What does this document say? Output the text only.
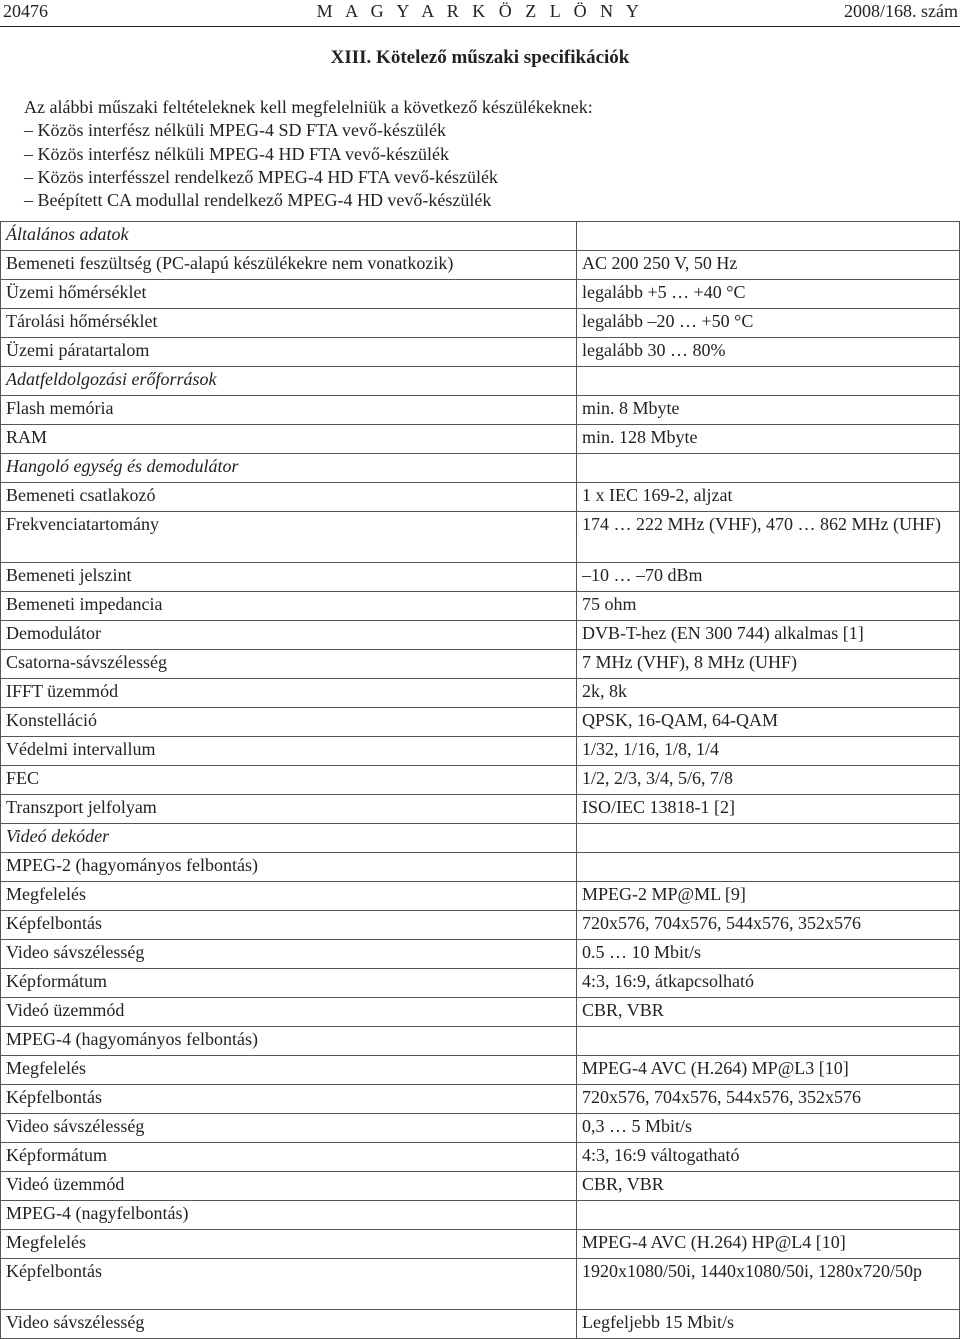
20476	M A G Y A R K Ö Z L Ö N Y	2008/168. szám
XIII. Kötelező műszaki specifikációk
Az alábbi műszaki feltételeknek kell megfelelniük a következő készülékeknek:
– Közös interfész nélküli MPEG-4 SD FTA vevő-készülék
– Közös interfész nélküli MPEG-4 HD FTA vevő-készülék
– Közös interfésszel rendelkező MPEG-4 HD FTA vevő-készülék
– Beépített CA modullal rendelkező MPEG-4 HD vevő-készülék
Általános adatok	
Bemeneti feszültség (PC-alapú készülékekre nem vonatkozik)	AC 200 250 V, 50 Hz
Üzemi hőmérséklet	legalább +5 … +40 °C
Tárolási hőmérséklet	legalább –20 … +50 °C
Üzemi páratartalom	legalább 30 … 80%
Adatfeldolgozási erőforrások	
Flash memória	min. 8 Mbyte
RAM	min. 128 Mbyte
Hangoló egység és demodulátor	
Bemeneti csatlakozó	1 x IEC 169-2, aljzat
Frekvenciatartomány	174 … 222 MHz (VHF), 470 … 862 MHz (UHF)
Bemeneti jelszint	–10 … –70 dBm
Bemeneti impedancia	75 ohm
Demodulátor	DVB-T-hez (EN 300 744) alkalmas [1]
Csatorna-sávszélesség	7 MHz (VHF), 8 MHz (UHF)
IFFT üzemmód	2k, 8k
Konstelláció	QPSK, 16-QAM, 64-QAM
Védelmi intervallum	1/32, 1/16, 1/8, 1/4
FEC	1/2, 2/3, 3/4, 5/6, 7/8
Transzport jelfolyam	ISO/IEC 13818-1 [2]
Videó dekóder	
MPEG-2 (hagyományos felbontás)	
Megfelelés	MPEG-2 MP@ML [9]
Képfelbontás	720x576, 704x576, 544x576, 352x576
Video sávszélesség	0.5 … 10 Mbit/s
Képformátum	4:3, 16:9, átkapcsolható
Videó üzemmód	CBR, VBR
MPEG-4 (hagyományos felbontás)	
Megfelelés	MPEG-4 AVC (H.264) MP@L3 [10]
Képfelbontás	720x576, 704x576, 544x576, 352x576
Video sávszélesség	0,3 … 5 Mbit/s
Képformátum	4:3, 16:9 váltogatható
Videó üzemmód	CBR, VBR
MPEG-4 (nagyfelbontás)	
Megfelelés	MPEG-4 AVC (H.264) HP@L4 [10]
Képfelbontás	1920x1080/50i, 1440x1080/50i, 1280x720/50p
Video sávszélesség	Legfeljebb 15 Mbit/s
